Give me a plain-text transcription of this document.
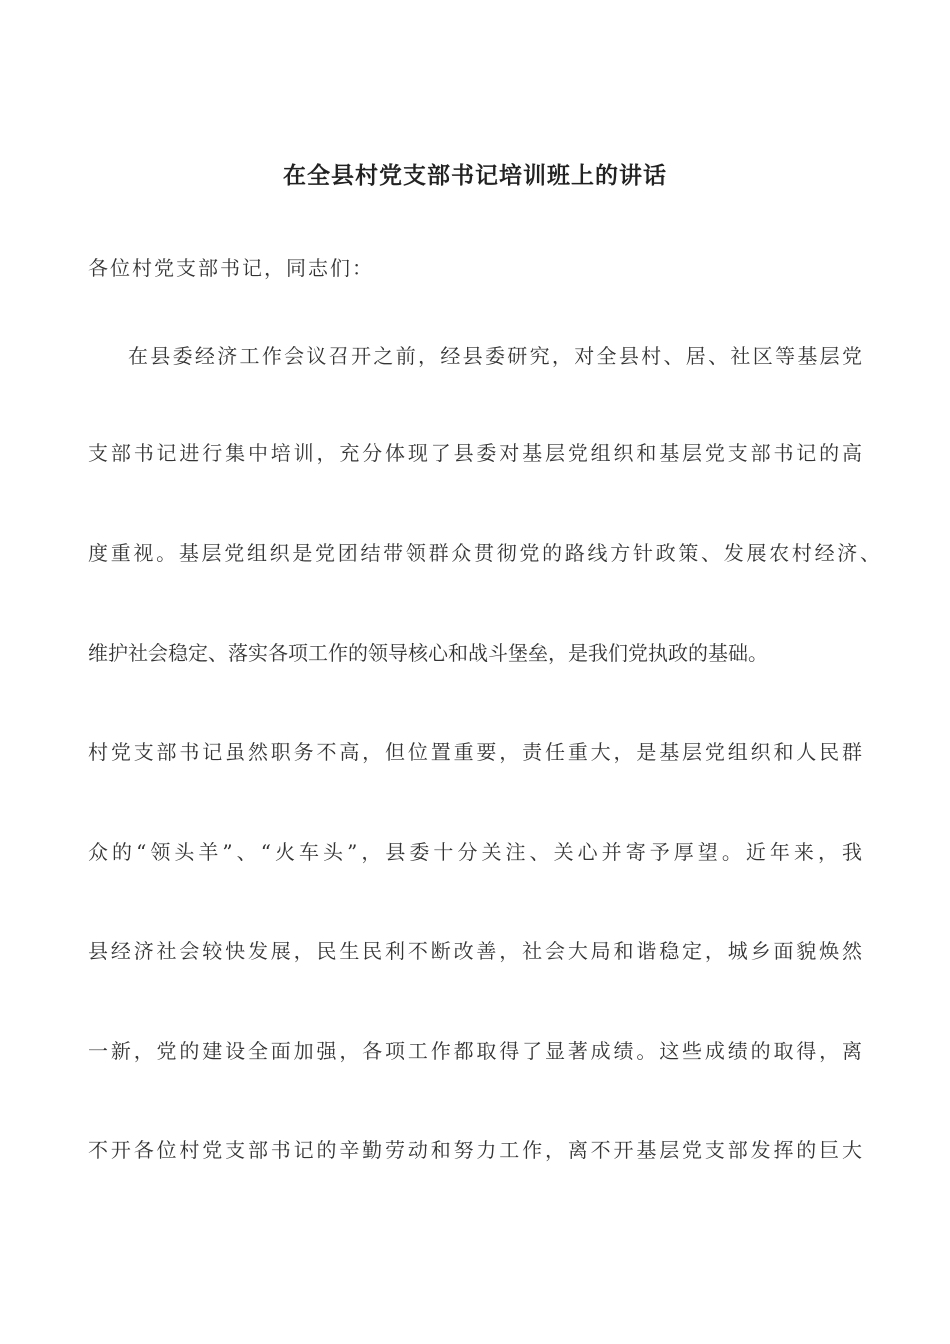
在全县村党支部书记培训班上的讲话
各位村党支部书记，同志们：
在县委经济工作会议召开之前，经县委研究，对全县村、居、社区等基层党
支部书记进行集中培训，充分体现了县委对基层党组织和基层党支部书记的高
度重视。基层党组织是党团结带领群众贯彻党的路线方针政策、发展农村经济、
维护社会稳定、落实各项工作的领导核心和战斗堡垒，是我们党执政的基础。
村党支部书记虽然职务不高，但位置重要，责任重大，是基层党组织和人民群
众的“领头羊”、“火车头”，县委十分关注、关心并寄予厚望。近年来，我
县经济社会较快发展，民生民利不断改善，社会大局和谐稳定，城乡面貌焕然
一新，党的建设全面加强，各项工作都取得了显著成绩。这些成绩的取得，离
不开各位村党支部书记的辛勤劳动和努力工作，离不开基层党支部发挥的巨大
